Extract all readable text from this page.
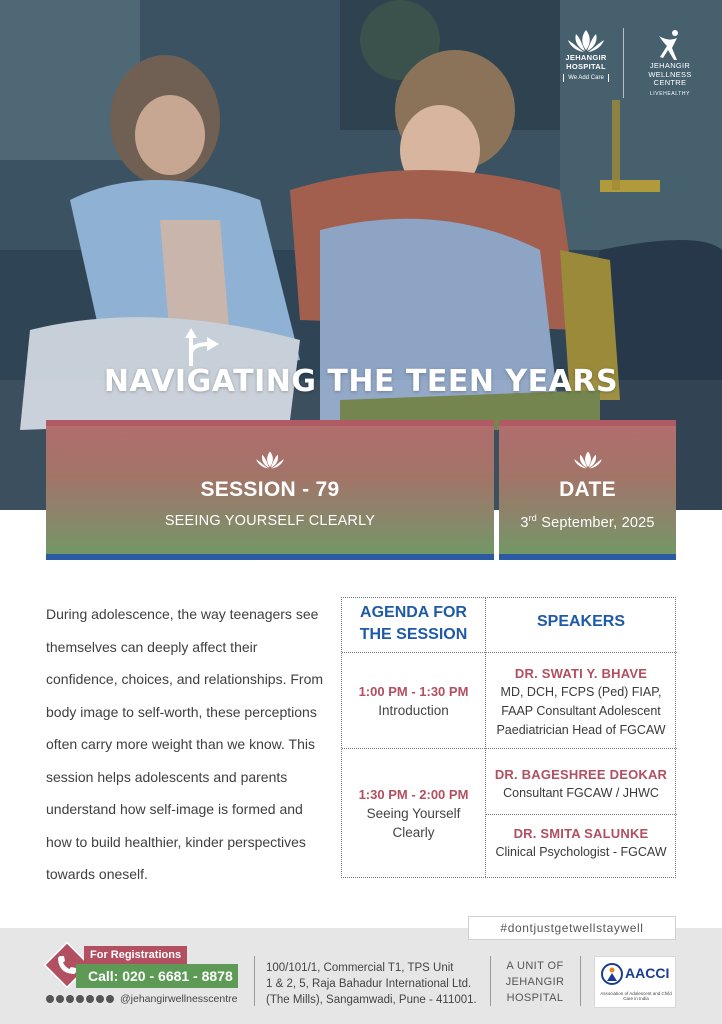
JEHANGIR HOSPITAL
We Add Care
JEHANGIR WELLNESS CENTRE
LIVEHEALTHY
NAVIGATING THE TEEN YEARS
SESSION - 79
SEEING YOURSELF CLEARLY
DATE
3rd September, 2025

During adolescence, the way teenagers see themselves can deeply affect their confidence, choices, and relationships. From body image to self-worth, these perceptions often carry more weight than we know. This session helps adolescents and parents understand how self-image is formed and how to build healthier, kinder perspectives towards oneself.

AGENDA FOR
THE SESSION
SPEAKERS
1:00 PM - 1:30 PM
Introduction
1:30 PM - 2:00 PM
Seeing Yourself
Clearly
DR. SWATI Y. BHAVE
MD, DCH, FCPS (Ped) FIAP,
FAAP Consultant Adolescent
Paediatrician Head of FGCAW
DR. BAGESHREE DEOKAR
Consultant FGCAW / JHWC
DR. SMITA SALUNKE
Clinical Psychologist - FGCAW
For Registrations
Call: 020 - 6681 - 8878
@jehangirwellnesscentre
100/101/1, Commercial T1, TPS Unit
1 & 2, 5, Raja Bahadur International Ltd.
(The Mills), Sangamwadi, Pune - 411001.
A UNIT OF
JEHANGIR
HOSPITAL
AACCI
Association of Adolescent and Child Care in India
#dontjustgetwellstaywell
